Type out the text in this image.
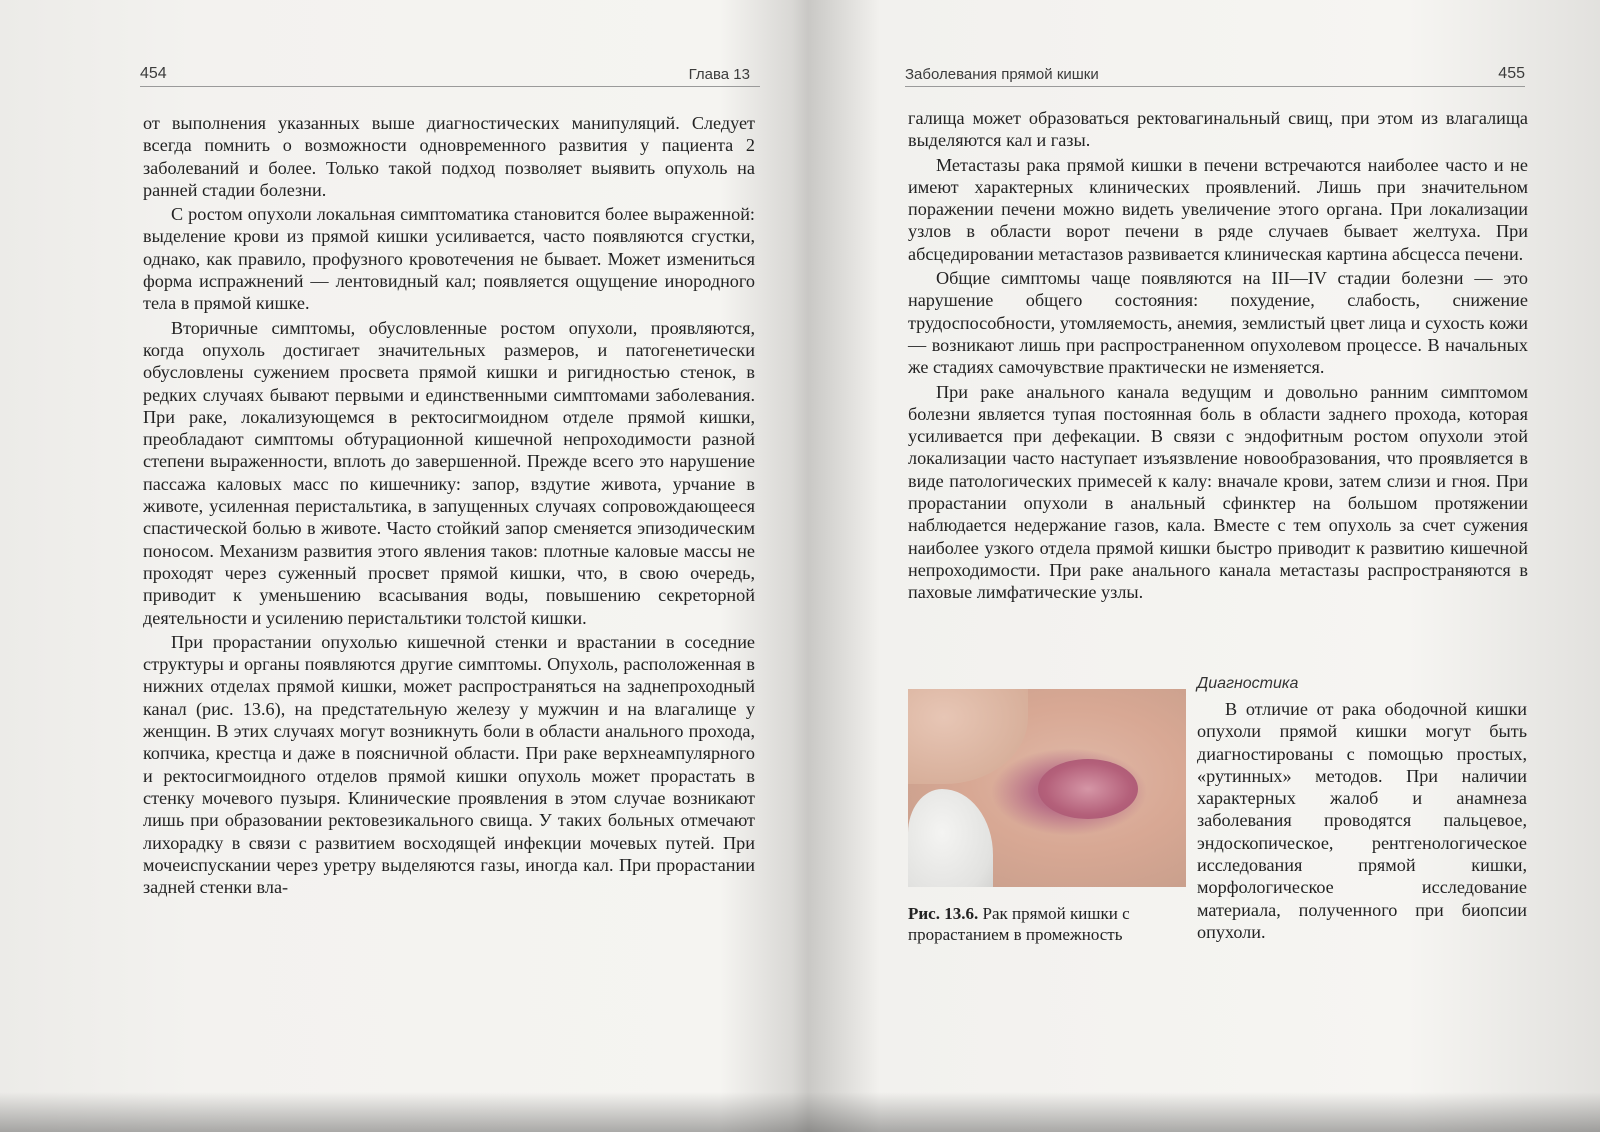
454	Глава 13

от выполнения указанных выше диагностических манипуляций. Следует всегда помнить о возможности одновременного развития у пациента 2 заболеваний и более. Только такой подход позволяет выявить опухоль на ранней стадии болезни.

С ростом опухоли локальная симптоматика становится более выраженной: выделение крови из прямой кишки усиливается, часто появляются сгустки, однако, как правило, профузного кровотечения не бывает. Может измениться форма испражнений — лентовидный кал; появляется ощущение инородного тела в прямой кишке.

Вторичные симптомы, обусловленные ростом опухоли, проявляются, когда опухоль достигает значительных размеров, и патогенетически обусловлены сужением просвета прямой кишки и ригидностью стенок, в редких случаях бывают первыми и единственными симптомами заболевания. При раке, локализующемся в ректосигмоидном отделе прямой кишки, преобладают симптомы обтурационной кишечной непроходимости разной степени выраженности, вплоть до завершенной. Прежде всего это нарушение пассажа каловых масс по кишечнику: запор, вздутие живота, урчание в животе, усиленная перистальтика, в запущенных случаях сопровождающееся спастической болью в животе. Часто стойкий запор сменяется эпизодическим поносом. Механизм развития этого явления таков: плотные каловые массы не проходят через суженный просвет прямой кишки, что, в свою очередь, приводит к уменьшению всасывания воды, повышению секреторной деятельности и усилению перистальтики толстой кишки.

При прорастании опухолью кишечной стенки и врастании в соседние структуры и органы появляются другие симптомы. Опухоль, расположенная в нижних отделах прямой кишки, может распространяться на заднепроходный канал (рис. 13.6), на предстательную железу у мужчин и на влагалище у женщин. В этих случаях могут возникнуть боли в области анального прохода, копчика, крестца и даже в поясничной области. При раке верхнеампулярного и ректосигмоидного отделов прямой кишки опухоль может прорастать в стенку мочевого пузыря. Клинические проявления в этом случае возникают лишь при образовании ректовезикального свища. У таких больных отмечают лихорадку в связи с развитием восходящей инфекции мочевых путей. При мочеиспускании через уретру выделяются газы, иногда кал. При прорастании задней стенки вла-

Заболевания прямой кишки	455

галища может образоваться ректовагинальный свищ, при этом из влагалища выделяются кал и газы.

Метастазы рака прямой кишки в печени встречаются наиболее часто и не имеют характерных клинических проявлений. Лишь при значительном поражении печени можно видеть увеличение этого органа. При локализации узлов в области ворот печени в ряде случаев бывает желтуха. При абсцедировании метастазов развивается клиническая картина абсцесса печени.

Общие симптомы чаще появляются на III—IV стадии болезни — это нарушение общего состояния: похудение, слабость, снижение трудоспособности, утомляемость, анемия, землистый цвет лица и сухость кожи — возникают лишь при распространенном опухолевом процессе. В начальных же стадиях самочувствие практически не изменяется.

При раке анального канала ведущим и довольно ранним симптомом болезни является тупая постоянная боль в области заднего прохода, которая усиливается при дефекации. В связи с эндофитным ростом опухоли этой локализации часто наступает изъязвление новообразования, что проявляется в виде патологических примесей к калу: вначале крови, затем слизи и гноя. При прорастании опухоли в анальный сфинктер на большом протяжении наблюдается недержание газов, кала. Вместе с тем опухоль за счет сужения наиболее узкого отдела прямой кишки быстро приводит к развитию кишечной непроходимости. При раке анального канала метастазы распространяются в паховые лимфатические узлы.

Рис. 13.6. Рак прямой кишки с прорастанием в промежность
Диагностика

В отличие от рака ободочной кишки опухоли прямой кишки могут быть диагностированы с помощью простых, «рутинных» методов. При наличии характерных жалоб и анамнеза заболевания проводятся пальцевое, эндоскопическое, рентгенологическое исследования прямой кишки, морфологическое исследование материала, полученного при биопсии опухоли.
